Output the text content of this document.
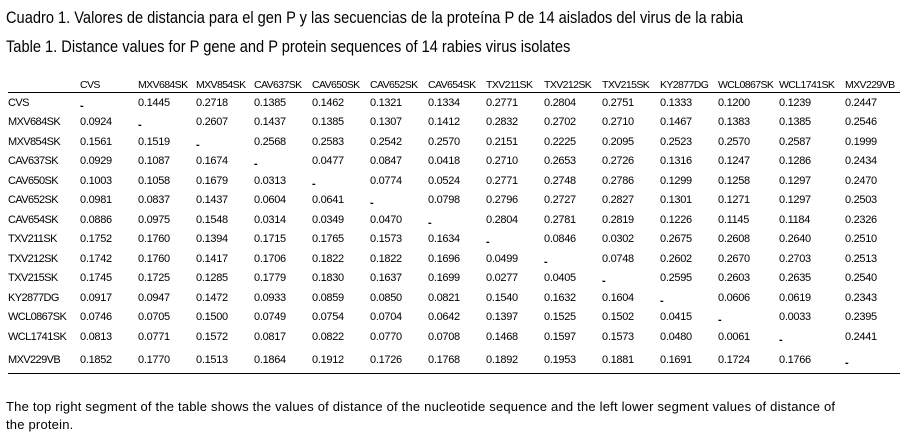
Cuadro 1. Valores de distancia para el gen P y las secuencias de la proteína P de 14 aislados del virus de la rabia
Table 1. Distance values for P gene and P protein sequences of 14 rabies virus isolates
	CVS	MXV684SK	MXV854SK	CAV637SK	CAV650SK	CAV652SK	CAV654SK	TXV211SK	TXV212SK	TXV215SK	KY2877DG	WCL0867SK	WCL1741SK	MXV229VB
CVS	-	0.1445	0.2718	0.1385	0.1462	0.1321	0.1334	0.2771	0.2804	0.2751	0.1333	0.1200	0.1239	0.2447
MXV684SK	0.0924	-	0.2607	0.1437	0.1385	0.1307	0.1412	0.2832	0.2702	0.2710	0.1467	0.1383	0.1385	0.2546
MXV854SK	0.1561	0.1519	-	0.2568	0.2583	0.2542	0.2570	0.2151	0.2225	0.2095	0.2523	0.2570	0.2587	0.1999
CAV637SK	0.0929	0.1087	0.1674	-	0.0477	0.0847	0.0418	0.2710	0.2653	0.2726	0.1316	0.1247	0.1286	0.2434
CAV650SK	0.1003	0.1058	0.1679	0.0313	-	0.0774	0.0524	0.2771	0.2748	0.2786	0.1299	0.1258	0.1297	0.2470
CAV652SK	0.0981	0.0837	0.1437	0.0604	0.0641	-	0.0798	0.2796	0.2727	0.2827	0.1301	0.1271	0.1297	0.2503
CAV654SK	0.0886	0.0975	0.1548	0.0314	0.0349	0.0470	-	0.2804	0.2781	0.2819	0.1226	0.1145	0.1184	0.2326
TXV211SK	0.1752	0.1760	0.1394	0.1715	0.1765	0.1573	0.1634	-	0.0846	0.0302	0.2675	0.2608	0.2640	0.2510
TXV212SK	0.1742	0.1760	0.1417	0.1706	0.1822	0.1822	0.1696	0.0499	-	0.0748	0.2602	0.2670	0.2703	0.2513
TXV215SK	0.1745	0.1725	0.1285	0.1779	0.1830	0.1637	0.1699	0.0277	0.0405	-	0.2595	0.2603	0.2635	0.2540
KY2877DG	0.0917	0.0947	0.1472	0.0933	0.0859	0.0850	0.0821	0.1540	0.1632	0.1604	-	0.0606	0.0619	0.2343
WCL0867SK	0.0746	0.0705	0.1500	0.0749	0.0754	0.0704	0.0642	0.1397	0.1525	0.1502	0.0415	-	0.0033	0.2395
WCL1741SK	0.0813	0.0771	0.1572	0.0817	0.0822	0.0770	0.0708	0.1468	0.1597	0.1573	0.0480	0.0061	-	0.2441
MXV229VB	0.1852	0.1770	0.1513	0.1864	0.1912	0.1726	0.1768	0.1892	0.1953	0.1881	0.1691	0.1724	0.1766	-
The top right segment of the table shows the values of distance of the nucleotide sequence and the left lower segment values of distance of the protein.
